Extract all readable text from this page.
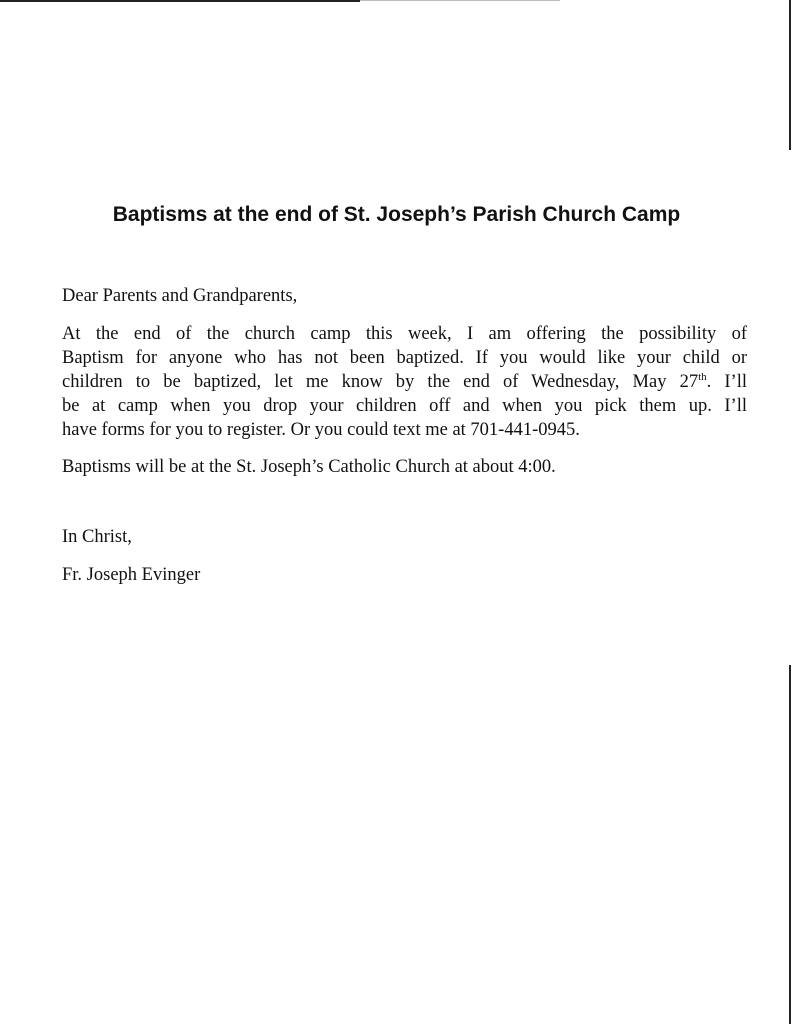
Baptisms at the end of St. Joseph’s Parish Church Camp

Dear Parents and Grandparents,

At the end of the church camp this week, I am offering the possibility of
Baptism for anyone who has not been baptized. If you would like your child or
children to be baptized, let me know by the end of Wednesday, May 27th. I’ll
be at camp when you drop your children off and when you pick them up. I’ll
have forms for you to register. Or you could text me at 701-441-0945.

Baptisms will be at the St. Joseph’s Catholic Church at about 4:00.

In Christ,

Fr. Joseph Evinger
